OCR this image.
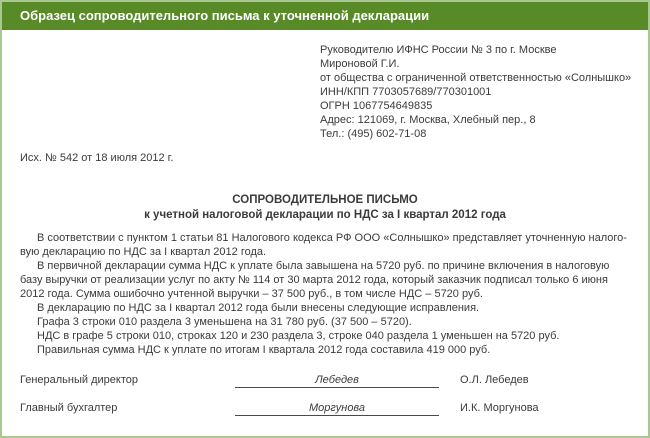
Образец сопроводительного письма к уточненной декларации
Руководителю ИФНС России № 3 по г. Москве
Мироновой Г.И.
от общества с ограниченной ответственностью «Солнышко»
ИНН/КПП 7703057689/770301001
ОГРН 1067754649835
Адрес: 121069, г. Москва, Хлебный пер., 8
Тел.: (495) 602-71-08
Исх. № 542 от 18 июля 2012 г.
СОПРОВОДИТЕЛЬНОЕ ПИСЬМО
к учетной налоговой декларации по НДС за I квартал 2012 года

В соответствии с пунктом 1 статьи 81 Налогового кодекса РФ ООО «Солнышко» представляет уточненную налоговую декларацию по НДС за I квартал 2012 года.

В первичной декларации сумма НДС к уплате была завышена на 5720 руб. по причине включения в налоговую базу выручки от реализации услуг по акту № 114 от 30 марта 2012 года, который заказчик подписал только 6 июня 2012 года. Сумма ошибочно учтенной выручки – 37 500 руб., в том числе НДС – 5720 руб.

В декларацию по НДС за I квартал 2012 года были внесены следующие исправления.

Графа 3 строки 010 раздела 3 уменьшена на 31 780 руб. (37 500 – 5720).

НДС в графе 5 строки 010, строках 120 и 230 раздела 3, строке 040 раздела 1 уменьшен на 5720 руб.

Правильная сумма НДС к уплате по итогам I квартала 2012 года составила 419 000 руб.

Генеральный директор	Лебедев	О.Л. Лебедев
Главный бухгалтер	Моргунова	И.К. Моргунова
